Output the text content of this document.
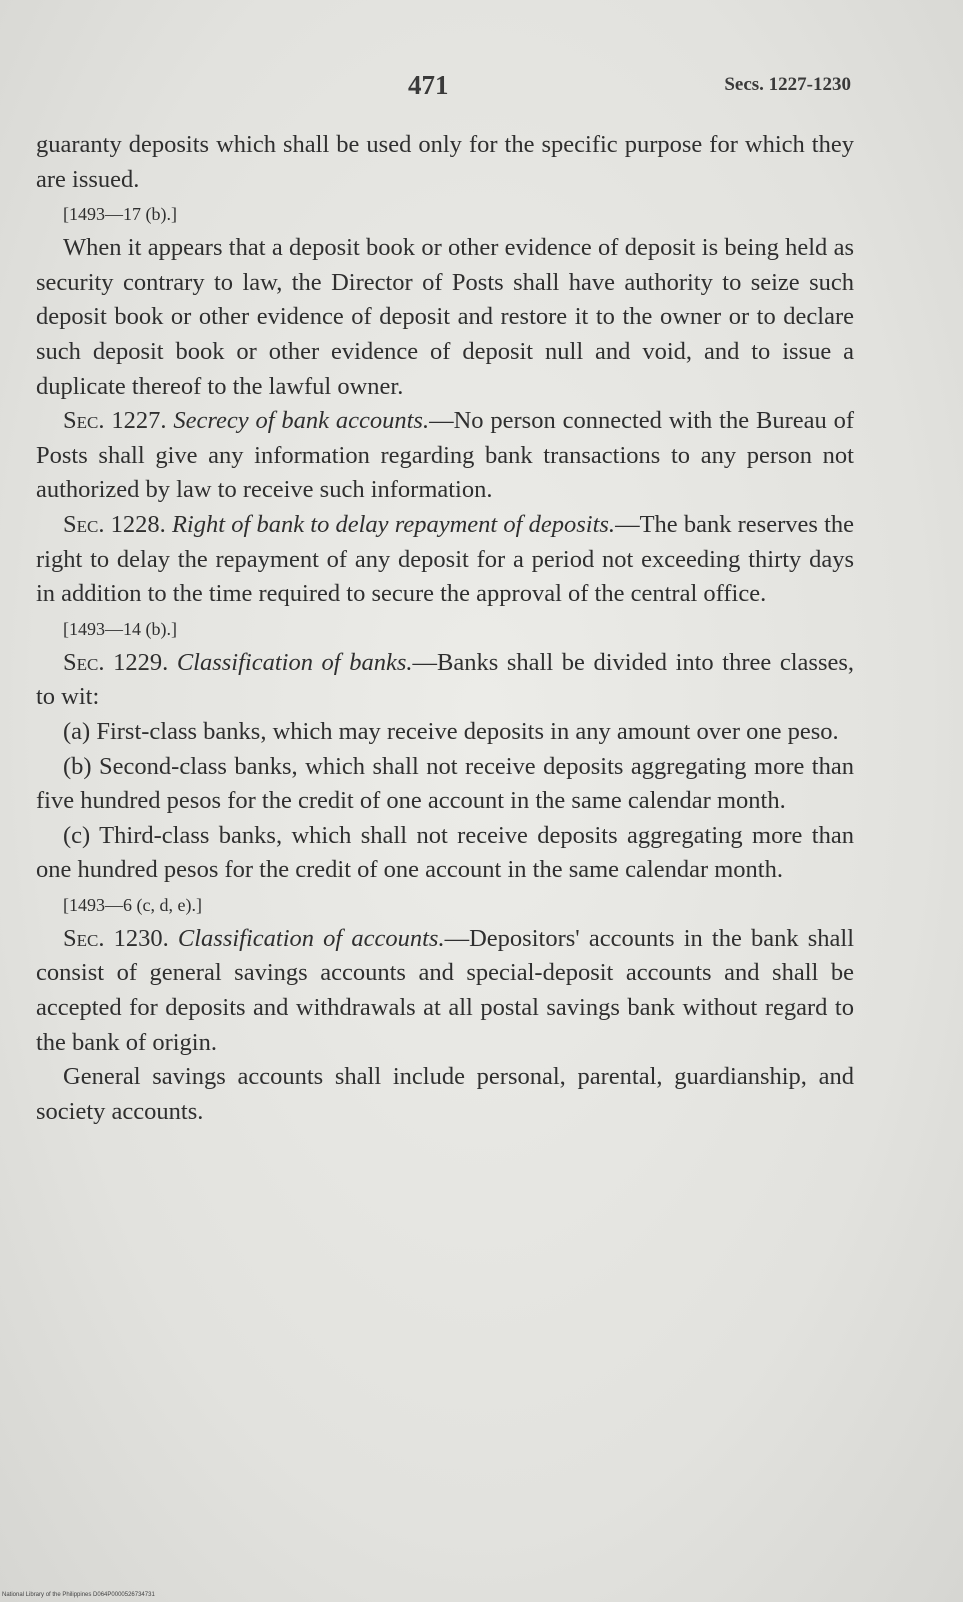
471	Secs. 1227-1230

guaranty deposits which shall be used only for the specific purpose for which they are issued.

[1493—17 (b).]

When it appears that a deposit book or other evidence of deposit is being held as security contrary to law, the Director of Posts shall have authority to seize such deposit book or other evidence of deposit and restore it to the owner or to declare such deposit book or other evidence of deposit null and void, and to issue a duplicate thereof to the lawful owner.

Sec. 1227. Secrecy of bank accounts.—No person connected with the Bureau of Posts shall give any information regarding bank transactions to any person not authorized by law to receive such information.

Sec. 1228. Right of bank to delay repayment of deposits.—The bank reserves the right to delay the repayment of any deposit for a period not exceeding thirty days in addition to the time required to secure the approval of the central office.

[1493—14 (b).]

Sec. 1229. Classification of banks.—Banks shall be divided into three classes, to wit:

(a) First-class banks, which may receive deposits in any amount over one peso.

(b) Second-class banks, which shall not receive deposits aggregating more than five hundred pesos for the credit of one account in the same calendar month.

(c) Third-class banks, which shall not receive deposits aggregating more than one hundred pesos for the credit of one account in the same calendar month.

[1493—6 (c, d, e).]

Sec. 1230. Classification of accounts.—Depositors' accounts in the bank shall consist of general savings accounts and special-deposit accounts and shall be accepted for deposits and withdrawals at all postal savings bank without regard to the bank of origin.

General savings accounts shall include personal, parental, guardianship, and society accounts.

National Library of the Philippines D064P0000526734731
